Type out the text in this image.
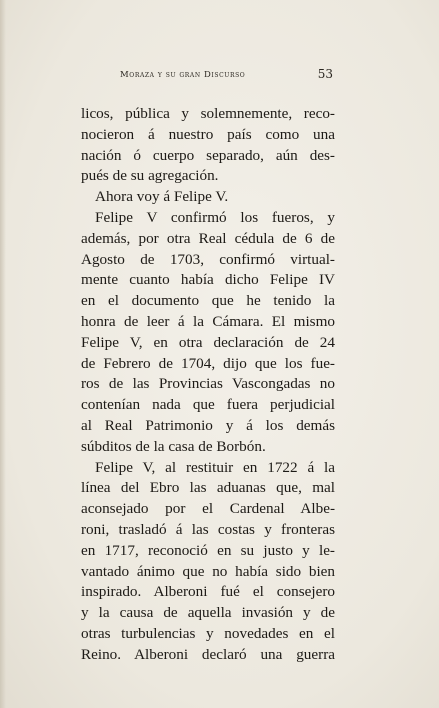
Moraza y su gran Discurso	53

licos, pública y solemnemente, reco-
nocieron á nuestro país como una
nación ó cuerpo separado, aún des-
pués de su agregación.

Ahora voy á Felipe V.

Felipe V confirmó los fueros, y
además, por otra Real cédula de 6 de
Agosto de 1703, confirmó virtual-
mente cuanto había dicho Felipe IV
en el documento que he tenido la
honra de leer á la Cámara. El mismo
Felipe V, en otra declaración de 24
de Febrero de 1704, dijo que los fue-
ros de las Provincias Vascongadas no
contenían nada que fuera perjudicial
al Real Patrimonio y á los demás
súbditos de la casa de Borbón.

Felipe V, al restituir en 1722 á la
línea del Ebro las aduanas que, mal
aconsejado por el Cardenal Albe-
roni, trasladó á las costas y fronteras
en 1717, reconoció en su justo y le-
vantado ánimo que no había sido bien
inspirado. Alberoni fué el consejero
y la causa de aquella invasión y de
otras turbulencias y novedades en el
Reino. Alberoni declaró una guerra
